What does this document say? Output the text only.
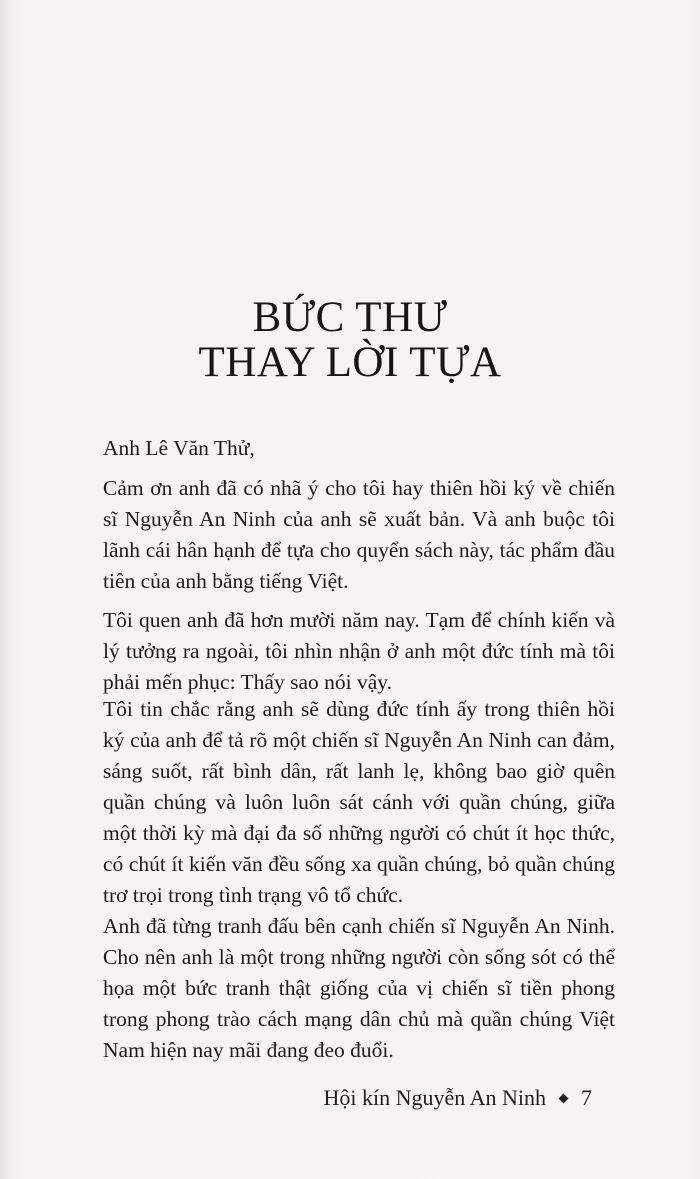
BỨC THƯ
THAY LỜI TỰA

Anh Lê Văn Thử,

Cảm ơn anh đã có nhã ý cho tôi hay thiên hồi ký về chiến sĩ Nguyễn An Ninh của anh sẽ xuất bản. Và anh buộc tôi lãnh cái hân hạnh để tựa cho quyển sách này, tác phẩm đầu tiên của anh bằng tiếng Việt.

Tôi quen anh đã hơn mười năm nay. Tạm để chính kiến và lý tưởng ra ngoài, tôi nhìn nhận ở anh một đức tính mà tôi phải mến phục: Thấy sao nói vậy.

Tôi tin chắc rằng anh sẽ dùng đức tính ấy trong thiên hồi ký của anh để tả rõ một chiến sĩ Nguyễn An Ninh can đảm, sáng suốt, rất bình dân, rất lanh lẹ, không bao giờ quên quần chúng và luôn luôn sát cánh với quần chúng, giữa một thời kỳ mà đại đa số những người có chút ít học thức, có chút ít kiến văn đều sống xa quần chúng, bỏ quần chúng trơ trọi trong tình trạng vô tổ chức.

Anh đã từng tranh đấu bên cạnh chiến sĩ Nguyễn An Ninh. Cho nên anh là một trong những người còn sống sót có thể họa một bức tranh thật giống của vị chiến sĩ tiền phong trong phong trào cách mạng dân chủ mà quần chúng Việt Nam hiện nay mãi đang đeo đuổi.

Hội kín Nguyễn An Ninh 7
